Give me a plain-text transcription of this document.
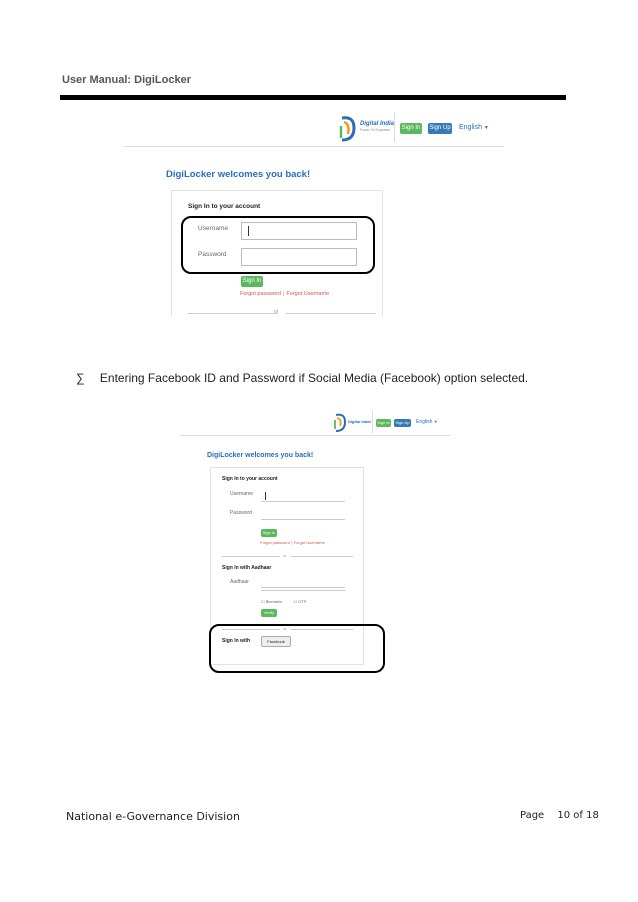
User Manual: DigiLocker
Digital India
Power To Empower Sign In Sign Up English ▼
DigiLocker welcomes you back!
Sign In to your account
Username
Password
Sign In
Forgot password | Forgot Username
or
∑ Entering Facebook ID and Password if Social Media (Facebook) option selected.
Digital India	Sign In	Sign Up English ▼
DigiLocker welcomes you back!
Sign In to your account
Username
Password
Sign In
Forgot password | Forgot Username
or
Sign In with Aadhaar
Aadhaar
☐ Biometric	☐ OTP
Verify
or
Sign In with	Facebook
National e-Governance Division	Page 10 of 18
